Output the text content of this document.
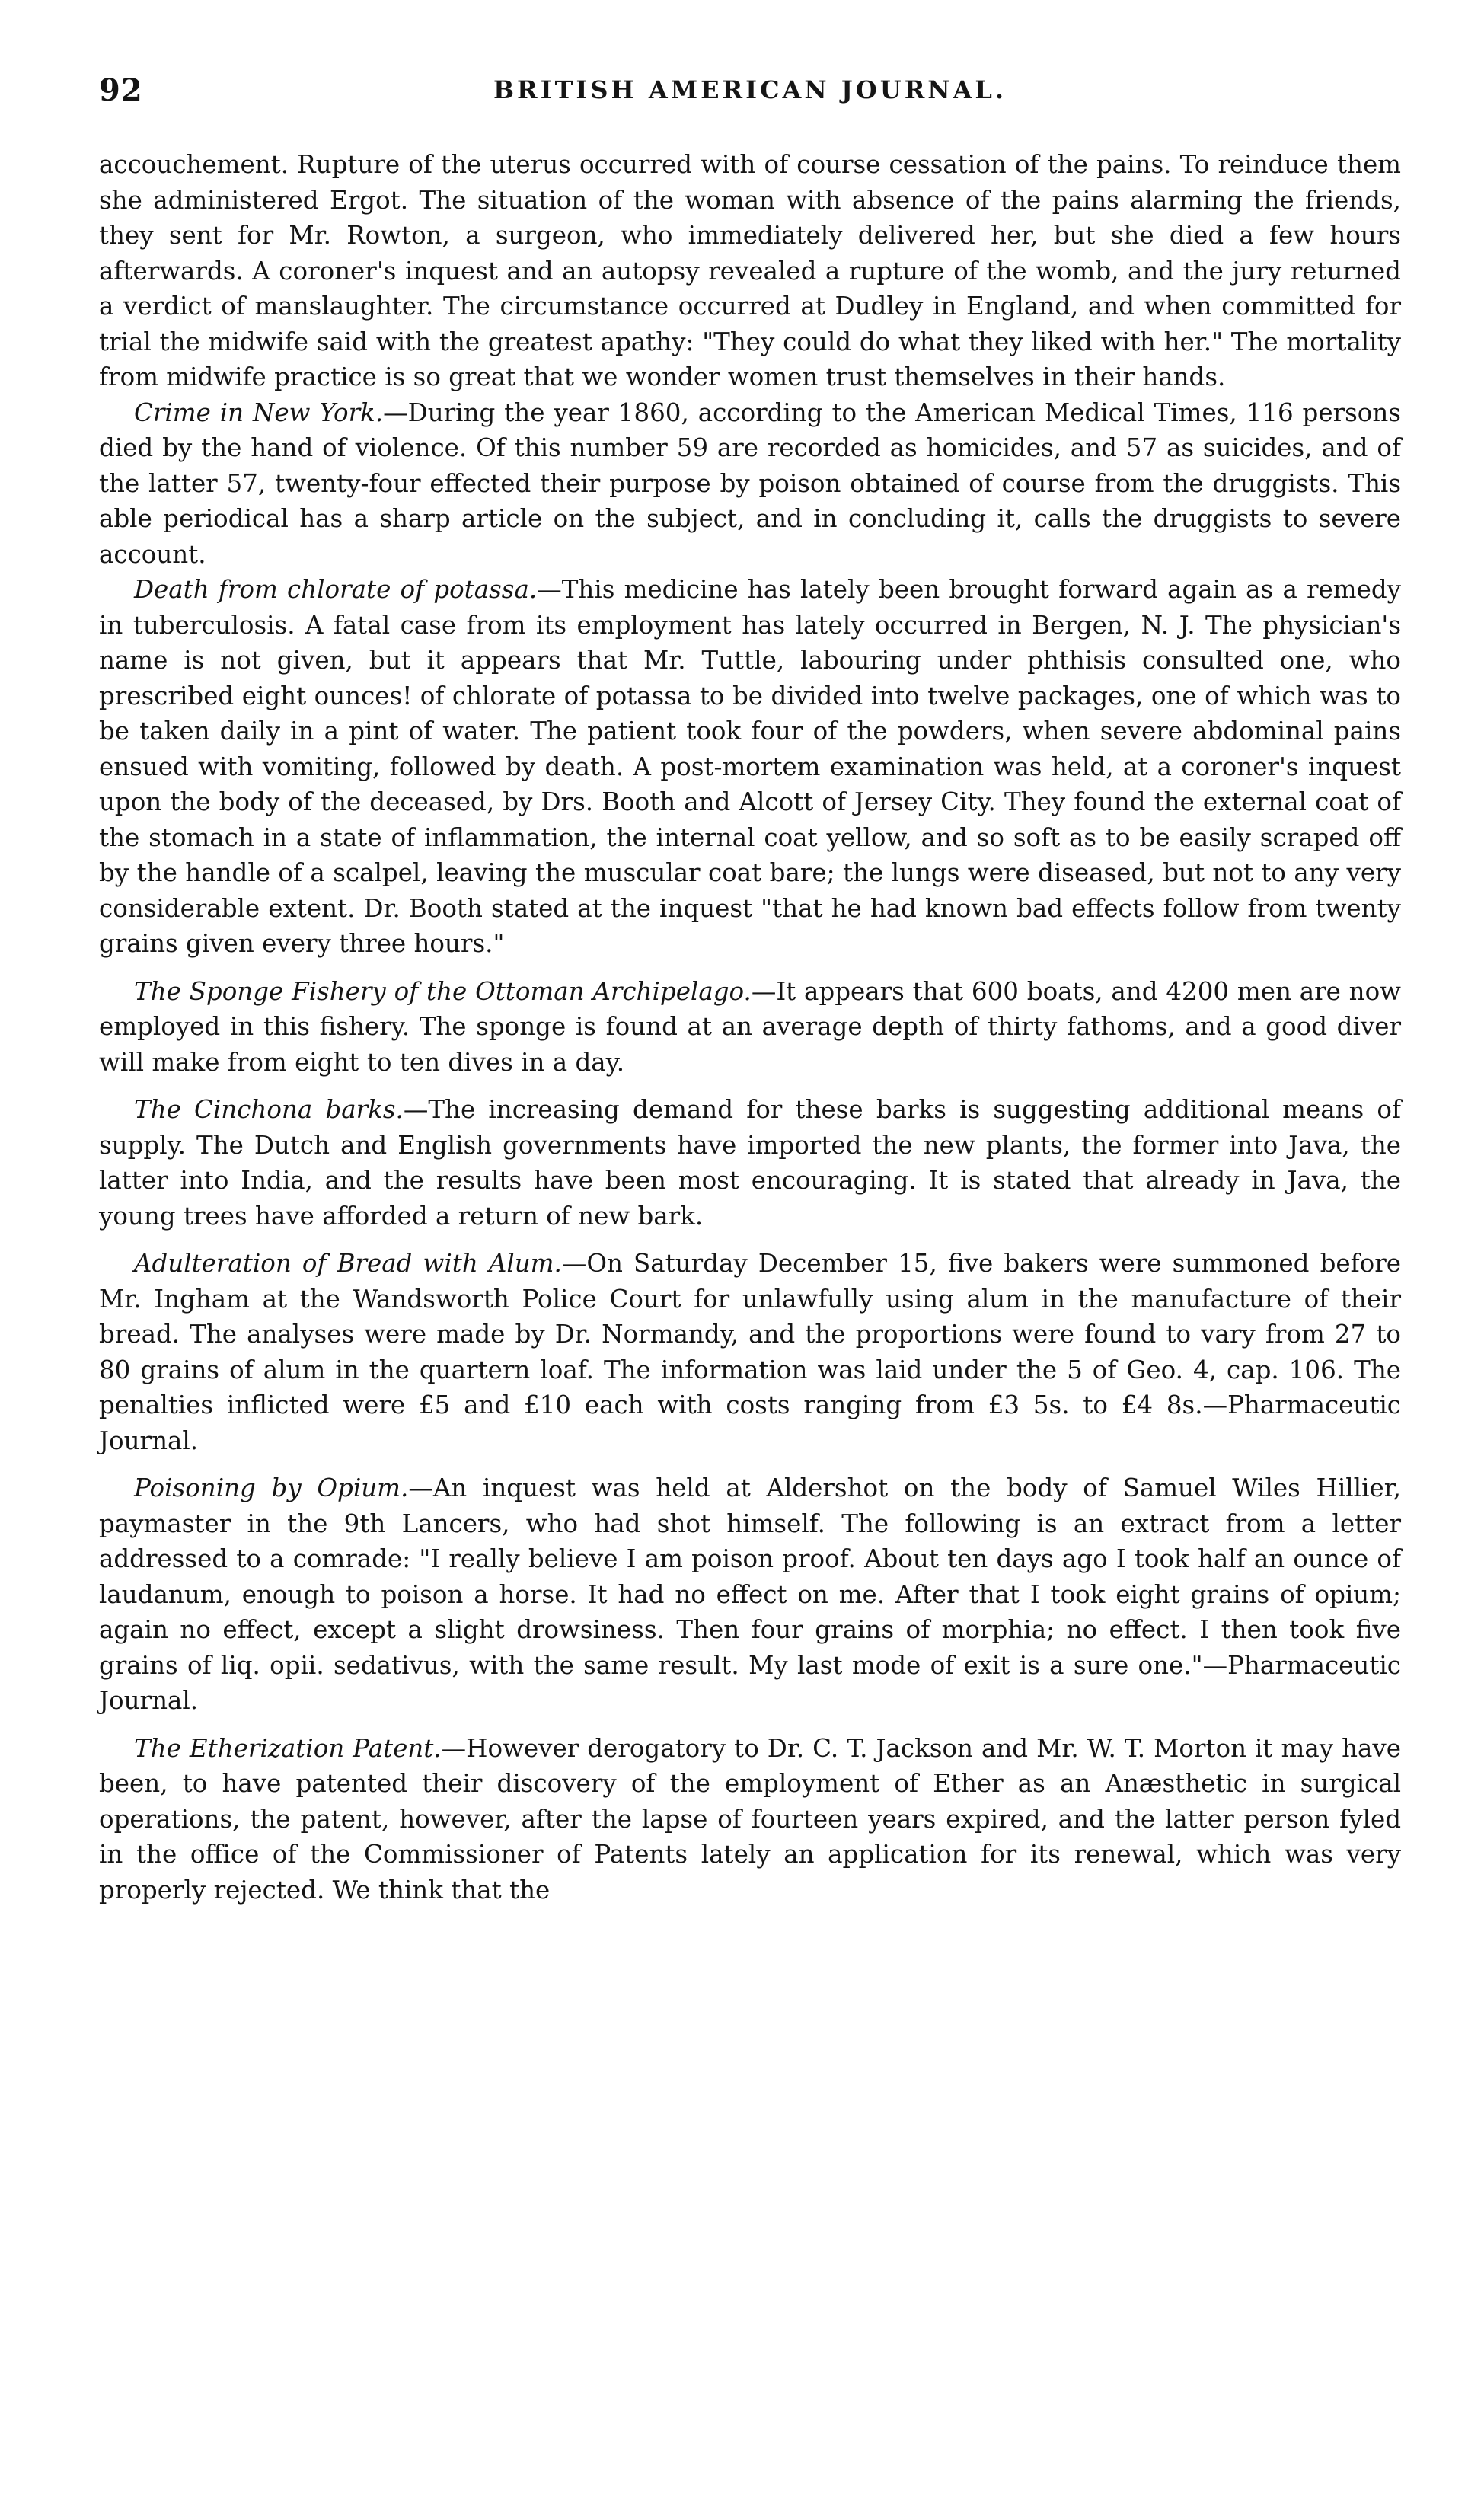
92	BRITISH AMERICAN JOURNAL.

accouchement. Rupture of the uterus occurred with of course cessation of the pains. To reinduce them she administered Ergot. The situation of the woman with absence of the pains alarming the friends, they sent for Mr. Rowton, a surgeon, who immediately delivered her, but she died a few hours afterwards. A coroner's inquest and an autopsy revealed a rupture of the womb, and the jury returned a verdict of manslaughter. The circumstance occurred at Dudley in England, and when committed for trial the midwife said with the greatest apathy: "They could do what they liked with her." The mortality from midwife practice is so great that we wonder women trust themselves in their hands.

Crime in New York.—During the year 1860, according to the American Medical Times, 116 persons died by the hand of violence. Of this number 59 are recorded as homicides, and 57 as suicides, and of the latter 57, twenty-four effected their purpose by poison obtained of course from the druggists. This able periodical has a sharp article on the subject, and in concluding it, calls the druggists to severe account.

Death from chlorate of potassa.—This medicine has lately been brought forward again as a remedy in tuberculosis. A fatal case from its employment has lately occurred in Bergen, N. J. The physician's name is not given, but it appears that Mr. Tuttle, labouring under phthisis consulted one, who prescribed eight ounces! of chlorate of potassa to be divided into twelve packages, one of which was to be taken daily in a pint of water. The patient took four of the powders, when severe abdominal pains ensued with vomiting, followed by death. A post-mortem examination was held, at a coroner's inquest upon the body of the deceased, by Drs. Booth and Alcott of Jersey City. They found the external coat of the stomach in a state of inflammation, the internal coat yellow, and so soft as to be easily scraped off by the handle of a scalpel, leaving the muscular coat bare; the lungs were diseased, but not to any very considerable extent. Dr. Booth stated at the inquest "that he had known bad effects follow from twenty grains given every three hours."

The Sponge Fishery of the Ottoman Archipelago.—It appears that 600 boats, and 4200 men are now employed in this fishery. The sponge is found at an average depth of thirty fathoms, and a good diver will make from eight to ten dives in a day.

The Cinchona barks.—The increasing demand for these barks is suggesting additional means of supply. The Dutch and English governments have imported the new plants, the former into Java, the latter into India, and the results have been most encouraging. It is stated that already in Java, the young trees have afforded a return of new bark.

Adulteration of Bread with Alum.—On Saturday December 15, five bakers were summoned before Mr. Ingham at the Wandsworth Police Court for unlawfully using alum in the manufacture of their bread. The analyses were made by Dr. Normandy, and the proportions were found to vary from 27 to 80 grains of alum in the quartern loaf. The information was laid under the 5 of Geo. 4, cap. 106. The penalties inflicted were £5 and £10 each with costs ranging from £3 5s. to £4 8s.—Pharmaceutic Journal.

Poisoning by Opium.—An inquest was held at Aldershot on the body of Samuel Wiles Hillier, paymaster in the 9th Lancers, who had shot himself. The following is an extract from a letter addressed to a comrade: "I really believe I am poison proof. About ten days ago I took half an ounce of laudanum, enough to poison a horse. It had no effect on me. After that I took eight grains of opium; again no effect, except a slight drowsiness. Then four grains of morphia; no effect. I then took five grains of liq. opii. sedativus, with the same result. My last mode of exit is a sure one."—Pharmaceutic Journal.

The Etherization Patent.—However derogatory to Dr. C. T. Jackson and Mr. W. T. Morton it may have been, to have patented their discovery of the employment of Ether as an Anæsthetic in surgical operations, the patent, however, after the lapse of fourteen years expired, and the latter person fyled in the office of the Commissioner of Patents lately an application for its renewal, which was very properly rejected. We think that the
